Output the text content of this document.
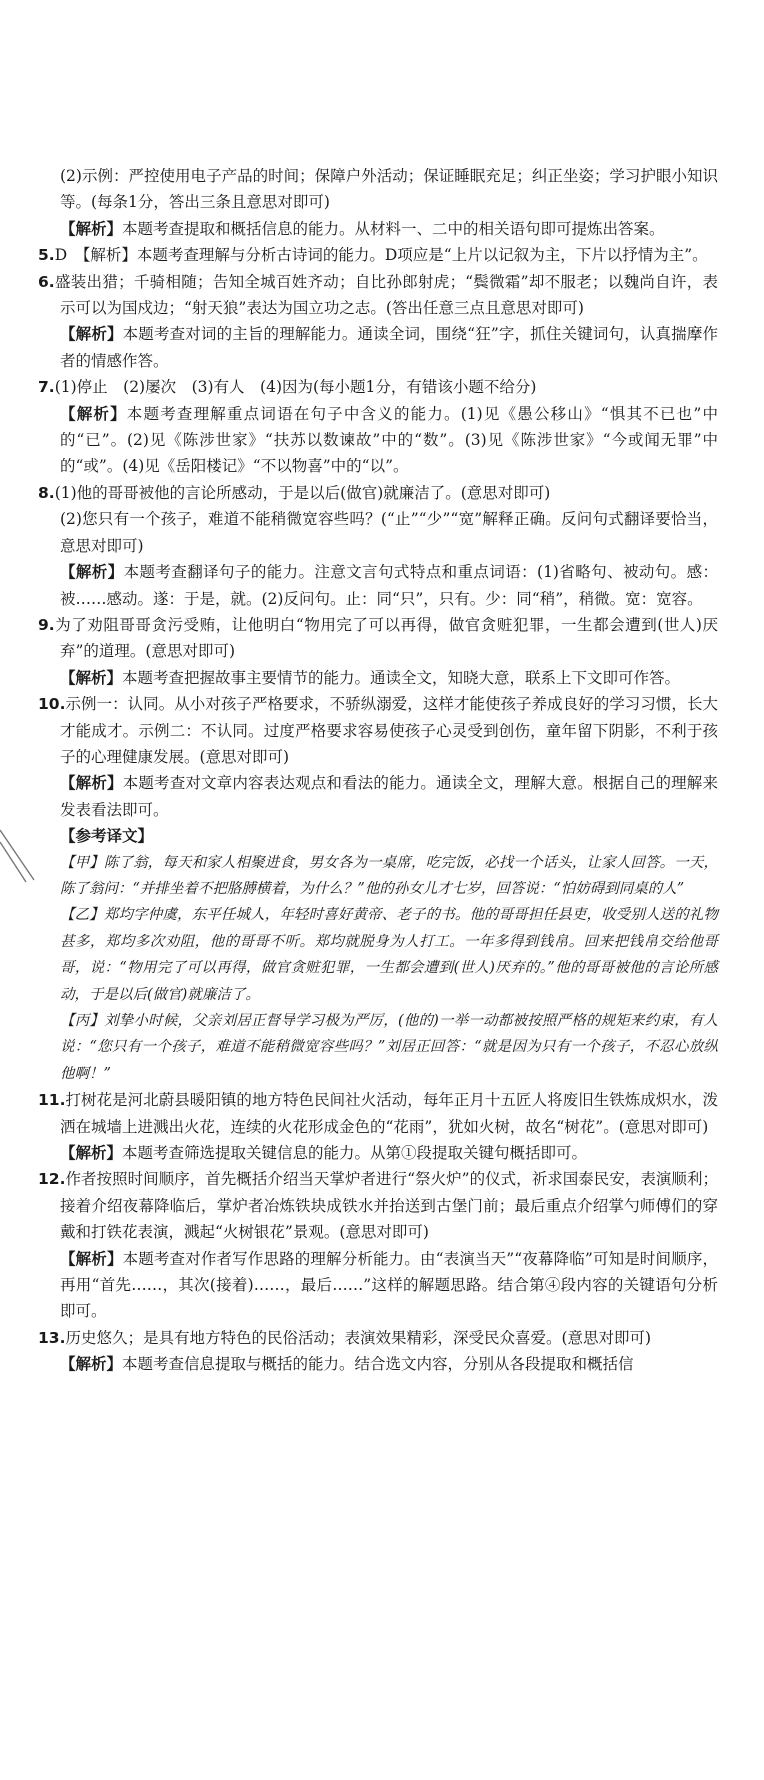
(2)示例：严控使用电子产品的时间；保障户外活动；保证睡眠充足；纠正坐姿；学习护眼小知识等。(每条1分，答出三条且意思对即可)

【解析】本题考查提取和概括信息的能力。从材料一、二中的相关语句即可提炼出答案。

5.D　【解析】本题考查理解与分析古诗词的能力。D项应是“上片以记叙为主，下片以抒情为主”。

6.盛装出猎；千骑相随；告知全城百姓齐动；自比孙郎射虎；“鬓微霜”却不服老；以魏尚自许，表示可以为国戍边；“射天狼”表达为国立功之志。(答出任意三点且意思对即可)

【解析】本题考查对词的主旨的理解能力。通读全词，围绕“狂”字，抓住关键词句，认真揣摩作者的情感作答。

7.(1)停止　(2)屡次　(3)有人　(4)因为(每小题1分，有错该小题不给分)

【解析】本题考查理解重点词语在句子中含义的能力。(1)见《愚公移山》“惧其不已也”中的“已”。(2)见《陈涉世家》“扶苏以数谏故”中的“数”。(3)见《陈涉世家》“今或闻无罪”中的“或”。(4)见《岳阳楼记》“不以物喜”中的“以”。

8.(1)他的哥哥被他的言论所感动，于是以后(做官)就廉洁了。(意思对即可)

(2)您只有一个孩子，难道不能稍微宽容些吗？(“止”“少”“宽”解释正确。反问句式翻译要恰当，意思对即可)

【解析】本题考查翻译句子的能力。注意文言句式特点和重点词语：(1)省略句、被动句。感：被……感动。遂：于是，就。(2)反问句。止：同“只”，只有。少：同“稍”，稍微。宽：宽容。

9.为了劝阻哥哥贪污受贿，让他明白“物用完了可以再得，做官贪赃犯罪，一生都会遭到(世人)厌弃”的道理。(意思对即可)

【解析】本题考查把握故事主要情节的能力。通读全文，知晓大意，联系上下文即可作答。

10.示例一：认同。从小对孩子严格要求，不骄纵溺爱，这样才能使孩子养成良好的学习习惯，长大才能成才。示例二：不认同。过度严格要求容易使孩子心灵受到创伤，童年留下阴影，不利于孩子的心理健康发展。(意思对即可)

【解析】本题考查对文章内容表达观点和看法的能力。通读全文，理解大意。根据自己的理解来发表看法即可。

【参考译文】

【甲】陈了翁，每天和家人相聚进食，男女各为一桌席，吃完饭，必找一个话头，让家人回答。一天，陈了翁问：“并排坐着不把胳膊横着，为什么？”他的孙女儿才七岁，回答说：“怕妨碍到同桌的人”

【乙】郑均字仲虞，东平任城人，年轻时喜好黄帝、老子的书。他的哥哥担任县吏，收受别人送的礼物甚多，郑均多次劝阻，他的哥哥不听。郑均就脱身为人打工。一年多得到钱帛。回来把钱帛交给他哥哥，说：“物用完了可以再得，做官贪赃犯罪，一生都会遭到(世人)厌弃的。”他的哥哥被他的言论所感动，于是以后(做官)就廉洁了。

【丙】刘挚小时候，父亲刘居正督导学习极为严厉，(他的)一举一动都被按照严格的规矩来约束，有人说：“您只有一个孩子，难道不能稍微宽容些吗？”刘居正回答：“就是因为只有一个孩子，不忍心放纵他啊！”

11.打树花是河北蔚县暖阳镇的地方特色民间社火活动，每年正月十五匠人将废旧生铁炼成炽水，泼洒在城墙上进溅出火花，连续的火花形成金色的“花雨”，犹如火树，故名“树花”。(意思对即可)

【解析】本题考查筛选提取关键信息的能力。从第①段提取关键句概括即可。

12.作者按照时间顺序，首先概括介绍当天掌炉者进行“祭火炉”的仪式，祈求国泰民安，表演顺利；接着介绍夜幕降临后，掌炉者冶炼铁块成铁水并抬送到古堡门前；最后重点介绍掌勺师傅们的穿戴和打铁花表演，溅起“火树银花”景观。(意思对即可)

【解析】本题考查对作者写作思路的理解分析能力。由“表演当天”“夜幕降临”可知是时间顺序，再用“首先……，其次(接着)……，最后……”这样的解题思路。结合第④段内容的关键语句分析即可。

13.历史悠久；是具有地方特色的民俗活动；表演效果精彩，深受民众喜爱。(意思对即可)

【解析】本题考查信息提取与概括的能力。结合选文内容，分别从各段提取和概括信
